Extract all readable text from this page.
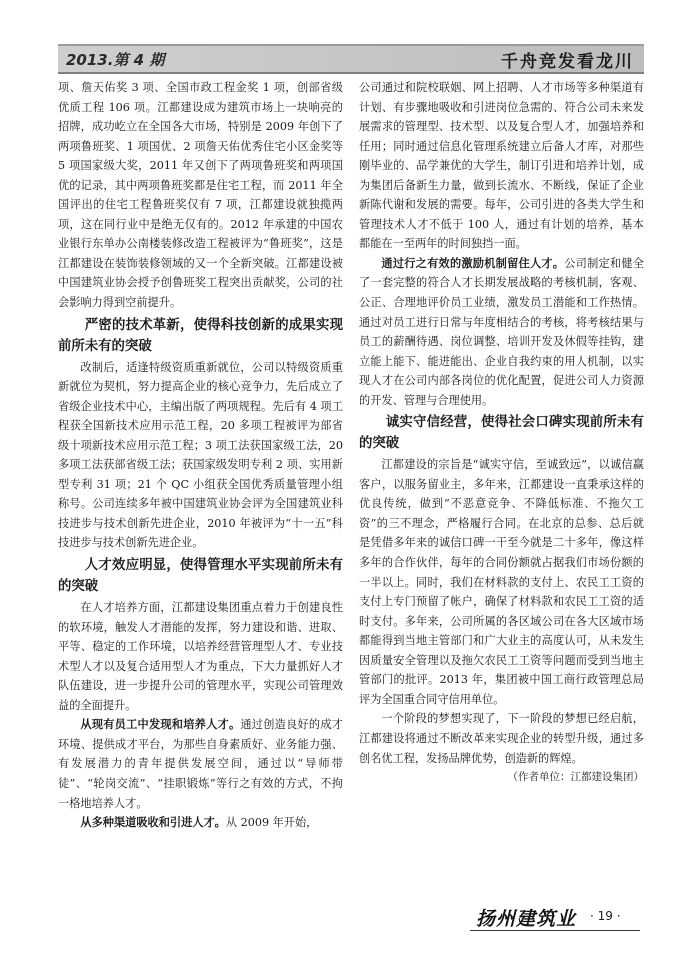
2013.第 4 期	千舟竞发看龙川

项、詹天佑奖 3 项、全国市政工程金奖 1 项，创部省级优质工程 106 项。江都建设成为建筑市场上一块响亮的招牌，成功屹立在全国各大市场，特别是 2009 年创下了两项鲁班奖、1 项国优、2 项詹天佑优秀住宅小区金奖等 5 项国家级大奖，2011 年又创下了两项鲁班奖和两项国优的记录，其中两项鲁班奖都是住宅工程，而 2011 年全国评出的住宅工程鲁班奖仅有 7 项，江都建设就独揽两项，这在同行业中是绝无仅有的。2012 年承建的中国农业银行东单办公南楼装修改造工程被评为“鲁班奖”，这是江都建设在装饰装修领域的又一个全新突破。江都建设被中国建筑业协会授予创鲁班奖工程突出贡献奖，公司的社会影响力得到空前提升。

严密的技术革新，使得科技创新的成果实现前所未有的突破

改制后，适逢特级资质重新就位，公司以特级资质重新就位为契机，努力提高企业的核心竞争力，先后成立了省级企业技术中心，主编出版了两项规程。先后有 4 项工程获全国新技术应用示范工程，20 多项工程被评为部省级十项新技术应用示范工程；3 项工法获国家级工法，20 多项工法获部省级工法；获国家级发明专利 2 项、实用新型专利 31 项；21 个 QC 小组获全国优秀质量管理小组称号。公司连续多年被中国建筑业协会评为全国建筑业科技进步与技术创新先进企业，2010 年被评为“十一五”科技进步与技术创新先进企业。

人才效应明显，使得管理水平实现前所未有的突破

在人才培养方面，江都建设集团重点着力于创建良性的软环境，触发人才潜能的发挥，努力建设和谐、进取、平等、稳定的工作环境，以培养经营管理型人才、专业技术型人才以及复合适用型人才为重点，下大力量抓好人才队伍建设，进一步提升公司的管理水平，实现公司管理效益的全面提升。

从现有员工中发现和培养人才。通过创造良好的成才环境、提供成才平台，为那些自身素质好、业务能力强、有发展潜力的青年提供发展空间，通过以“导师带徒”、“轮岗交流”、“挂职锻炼”等行之有效的方式，不拘一格地培养人才。

从多种渠道吸收和引进人才。从 2009 年开始，

公司通过和院校联姻、网上招聘、人才市场等多种渠道有计划、有步骤地吸收和引进岗位急需的、符合公司未来发展需求的管理型、技术型、以及复合型人才，加强培养和任用；同时通过信息化管理系统建立后备人才库，对那些刚毕业的、品学兼优的大学生，制订引进和培养计划，成为集团后备新生力量，做到长流水、不断线，保证了企业新陈代谢和发展的需要。每年，公司引进的各类大学生和管理技术人才不低于 100 人，通过有计划的培养，基本都能在一至两年的时间独挡一面。

通过行之有效的激励机制留住人才。公司制定和健全了一套完整的符合人才长期发展战略的考核机制，客观、公正、合理地评价员工业绩，激发员工潜能和工作热情。通过对员工进行日常与年度相结合的考核，将考核结果与员工的薪酬待遇、岗位调整、培训开发及休假等挂钩，建立能上能下、能进能出、企业自我约束的用人机制，以实现人才在公司内部各岗位的优化配置，促进公司人力资源的开发、管理与合理使用。

诚实守信经营，使得社会口碑实现前所未有的突破

江都建设的宗旨是“诚实守信，至诚致远”，以诚信赢客户，以服务留业主，多年来，江都建设一直秉承这样的优良传统，做到“不恶意竞争、不降低标准、不拖欠工资”的三不理念，严格履行合同。在北京的总参、总后就是凭借多年来的诚信口碑一干至今就是二十多年，像这样多年的合作伙伴，每年的合同份额就占据我们市场份额的一半以上。同时，我们在材料款的支付上、农民工工资的支付上专门预留了帐户，确保了材料款和农民工工资的适时支付。多年来，公司所属的各区域公司在各大区域市场都能得到当地主管部门和广大业主的高度认可，从未发生因质量安全管理以及拖欠农民工工资等问题而受到当地主管部门的批评。2013 年，集团被中国工商行政管理总局评为全国重合同守信用单位。

一个阶段的梦想实现了，下一阶段的梦想已经启航，江都建设将通过不断改革来实现企业的转型升级，通过多创名优工程，发扬品牌优势，创造新的辉煌。

（作者单位：江都建设集团）

扬州建筑业 · 19 ·
